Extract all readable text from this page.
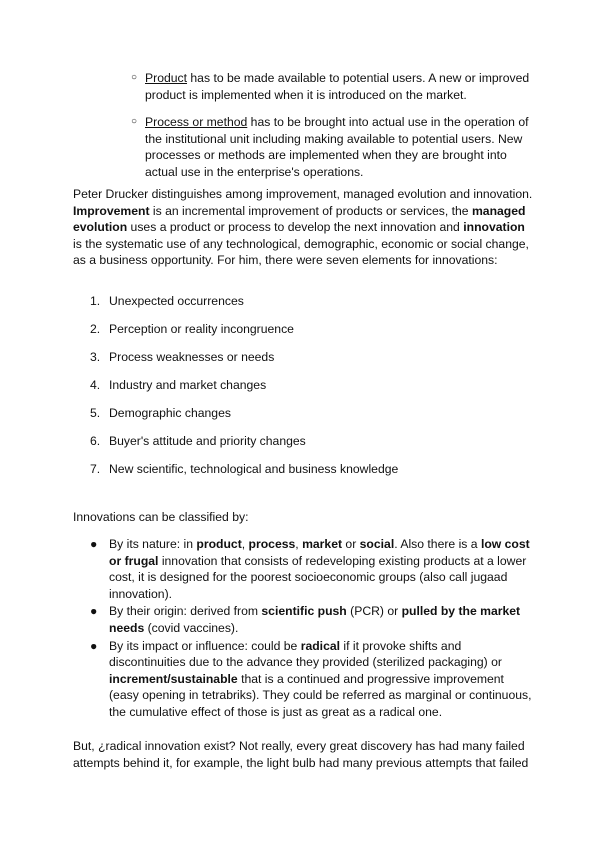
○ Product has to be made available to potential users. A new or improved product is implemented when it is introduced on the market.
○ Process or method has to be brought into actual use in the operation of the institutional unit including making available to potential users. New processes or methods are implemented when they are brought into actual use in the enterprise's operations.
Peter Drucker distinguishes among improvement, managed evolution and innovation. Improvement is an incremental improvement of products or services, the managed evolution uses a product or process to develop the next innovation and innovation is the systematic use of any technological, demographic, economic or social change, as a business opportunity. For him, there were seven elements for innovations:
1. Unexpected occurrences
2. Perception or reality incongruence
3. Process weaknesses or needs
4. Industry and market changes
5. Demographic changes
6. Buyer's attitude and priority changes
7. New scientific, technological and business knowledge
Innovations can be classified by:
● By its nature: in product, process, market or social. Also there is a low cost or frugal innovation that consists of redeveloping existing products at a lower cost, it is designed for the poorest socioeconomic groups (also call jugaad innovation).
● By their origin: derived from scientific push (PCR) or pulled by the market needs (covid vaccines).
● By its impact or influence: could be radical if it provoke shifts and discontinuities due to the advance they provided (sterilized packaging) or increment/sustainable that is a continued and progressive improvement (easy opening in tetrabriks). They could be referred as marginal or continuous, the cumulative effect of those is just as great as a radical one.
But, ¿radical innovation exist? Not really, every great discovery has had many failed attempts behind it, for example, the light bulb had many previous attempts that failed
